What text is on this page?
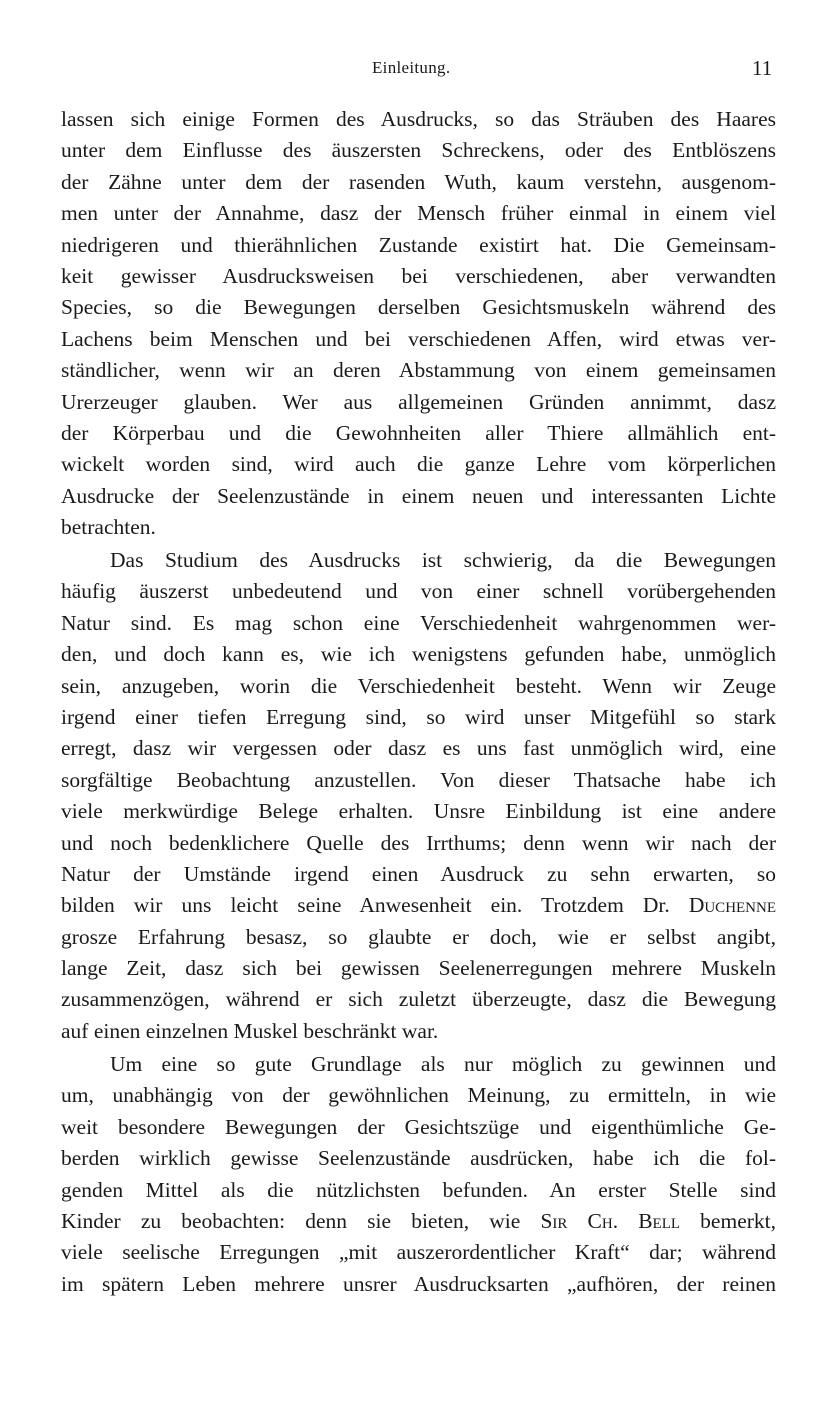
Einleitung.	11
lassen sich einige Formen des Ausdrucks, so das Sträuben des Haares
unter dem Einflusse des äuszersten Schreckens, oder des Entblöszens
der Zähne unter dem der rasenden Wuth, kaum verstehn, ausgenom-
men unter der Annahme, dasz der Mensch früher einmal in einem viel
niedrigeren und thierähnlichen Zustande existirt hat. Die Gemeinsam-
keit gewisser Ausdrucksweisen bei verschiedenen, aber verwandten
Species, so die Bewegungen derselben Gesichtsmuskeln während des
Lachens beim Menschen und bei verschiedenen Affen, wird etwas ver-
ständlicher, wenn wir an deren Abstammung von einem gemeinsamen
Urerzeuger glauben. Wer aus allgemeinen Gründen annimmt, dasz
der Körperbau und die Gewohnheiten aller Thiere allmählich ent-
wickelt worden sind, wird auch die ganze Lehre vom körperlichen
Ausdrucke der Seelenzustände in einem neuen und interessanten Lichte
betrachten.
Das Studium des Ausdrucks ist schwierig, da die Bewegungen
häufig äuszerst unbedeutend und von einer schnell vorübergehenden
Natur sind. Es mag schon eine Verschiedenheit wahrgenommen wer-
den, und doch kann es, wie ich wenigstens gefunden habe, unmöglich
sein, anzugeben, worin die Verschiedenheit besteht. Wenn wir Zeuge
irgend einer tiefen Erregung sind, so wird unser Mitgefühl so stark
erregt, dasz wir vergessen oder dasz es uns fast unmöglich wird, eine
sorgfältige Beobachtung anzustellen. Von dieser Thatsache habe ich
viele merkwürdige Belege erhalten. Unsre Einbildung ist eine andere
und noch bedenklichere Quelle des Irrthums; denn wenn wir nach der
Natur der Umstände irgend einen Ausdruck zu sehn erwarten, so
bilden wir uns leicht seine Anwesenheit ein. Trotzdem Dr. Duchenne
grosze Erfahrung besasz, so glaubte er doch, wie er selbst angibt,
lange Zeit, dasz sich bei gewissen Seelenerregungen mehrere Muskeln
zusammenzögen, während er sich zuletzt überzeugte, dasz die Bewegung
auf einen einzelnen Muskel beschränkt war.
Um eine so gute Grundlage als nur möglich zu gewinnen und
um, unabhängig von der gewöhnlichen Meinung, zu ermitteln, in wie
weit besondere Bewegungen der Gesichtszüge und eigenthümliche Ge-
berden wirklich gewisse Seelenzustände ausdrücken, habe ich die fol-
genden Mittel als die nützlichsten befunden. An erster Stelle sind
Kinder zu beobachten: denn sie bieten, wie Sir Ch. Bell bemerkt,
viele seelische Erregungen „mit auszerordentlicher Kraft“ dar; während
im spätern Leben mehrere unsrer Ausdrucksarten „aufhören, der reinen
